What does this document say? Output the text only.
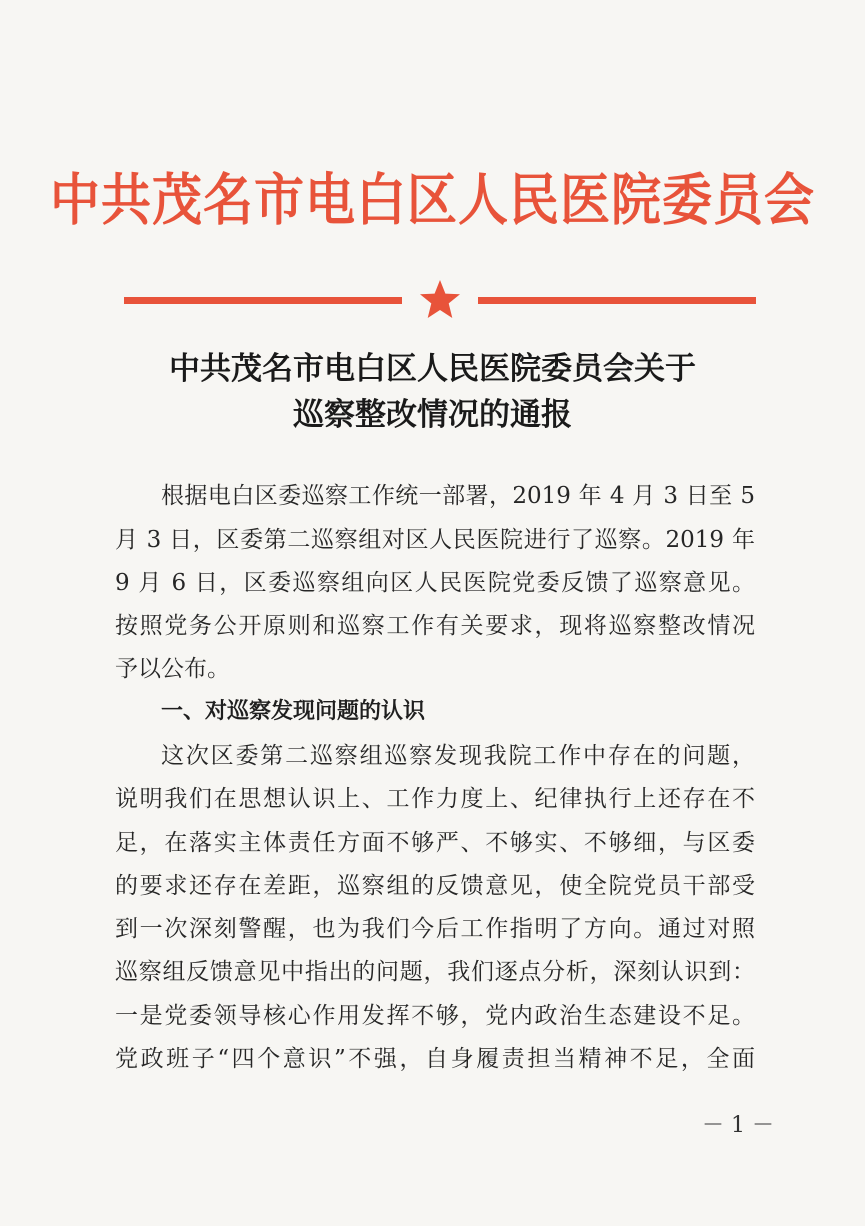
中共茂名市电白区人民医院委员会
中共茂名市电白区人民医院委员会关于
巡察整改情况的通报
根据电白区委巡察工作统一部署，2019 年 4 月 3 日至 5
月 3 日，区委第二巡察组对区人民医院进行了巡察。2019 年
9 月 6 日，区委巡察组向区人民医院党委反馈了巡察意见。
按照党务公开原则和巡察工作有关要求，现将巡察整改情况
予以公布。
一、对巡察发现问题的认识
这次区委第二巡察组巡察发现我院工作中存在的问题，
说明我们在思想认识上、工作力度上、纪律执行上还存在不
足，在落实主体责任方面不够严、不够实、不够细，与区委
的要求还存在差距，巡察组的反馈意见，使全院党员干部受
到一次深刻警醒，也为我们今后工作指明了方向。通过对照
巡察组反馈意见中指出的问题，我们逐点分析，深刻认识到：
一是党委领导核心作用发挥不够，党内政治生态建设不足。
党政班子“四个意识”不强，自身履责担当精神不足，全面
－ 1 －
